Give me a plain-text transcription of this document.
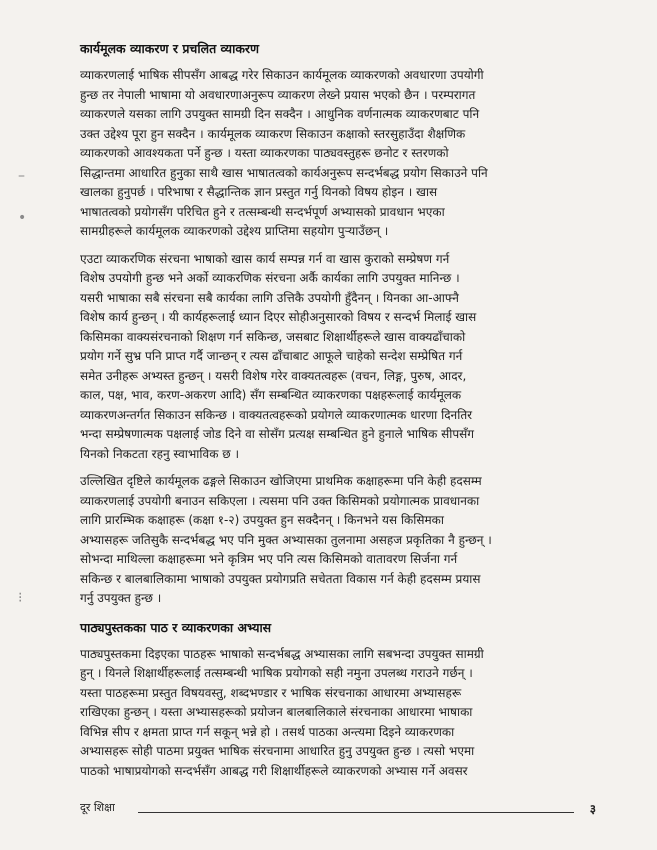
–
•
⁝
कार्यमूलक व्याकरण र प्रचलित व्याकरण
व्याकरणलाई भाषिक सीपसँग आबद्ध गरेर सिकाउन कार्यमूलक व्याकरणको अवधारणा उपयोगी
हुन्छ तर नेपाली भाषामा यो अवधारणाअनुरूप व्याकरण लेख्ने प्रयास भएको छैन । परम्परागत
व्याकरणले यसका लागि उपयुक्त सामग्री दिन सक्दैन । आधुनिक वर्णनात्मक व्याकरणबाट पनि
उक्त उद्देश्य पूरा हुन सक्दैन । कार्यमूलक व्याकरण सिकाउन कक्षाको स्तरसुहाउँदा शैक्षणिक
व्याकरणको आवश्यकता पर्ने हुन्छ । यस्ता व्याकरणका पाठ्यवस्तुहरू छनोट र स्तरणको
सिद्धान्तमा आधारित हुनुका साथै खास भाषातत्वको कार्यअनुरूप सन्दर्भबद्ध प्रयोग सिकाउने पनि
खालका हुनुपर्छ । परिभाषा र सैद्धान्तिक ज्ञान प्रस्तुत गर्नु यिनको विषय होइन । खास
भाषातत्वको प्रयोगसँग परिचित हुने र तत्सम्बन्धी सन्दर्भपूर्ण अभ्यासको प्रावधान भएका
सामग्रीहरूले कार्यमूलक व्याकरणको उद्देश्य प्राप्तिमा सहयोग पुऱ्याउँछन् ।
एउटा व्याकरणिक संरचना भाषाको खास कार्य सम्पन्न गर्न वा खास कुराको सम्प्रेषण गर्न
विशेष उपयोगी हुन्छ भने अर्को व्याकरणिक संरचना अर्कै कार्यका लागि उपयुक्त मानिन्छ ।
यसरी भाषाका सबै संरचना सबै कार्यका लागि उत्तिकै उपयोगी हुँदैनन् । यिनका आ-आफ्नै
विशेष कार्य हुन्छन् । यी कार्यहरूलाई ध्यान दिएर सोहीअनुसारको विषय र सन्दर्भ मिलाई खास
किसिमका वाक्यसंरचनाको शिक्षण गर्न सकिन्छ, जसबाट शिक्षार्थीहरूले खास वाक्यढाँचाको
प्रयोग गर्ने सुभ्र पनि प्राप्त गर्दै जान्छन् र त्यस ढाँचाबाट आफूले चाहेको सन्देश सम्प्रेषित गर्न
समेत उनीहरू अभ्यस्त हुन्छन् । यसरी विशेष गरेर वाक्यतत्वहरू (वचन, लिङ्ग, पुरुष, आदर,
काल, पक्ष, भाव, करण-अकरण आदि) सँग सम्बन्धित व्याकरणका पक्षहरूलाई कार्यमूलक
व्याकरणअन्तर्गत सिकाउन सकिन्छ । वाक्यतत्वहरूको प्रयोगले व्याकरणात्मक धारणा दिनतिर
भन्दा सम्प्रेषणात्मक पक्षलाई जोड दिने वा सोसँग प्रत्यक्ष सम्बन्धित हुने हुनाले भाषिक सीपसँग
यिनको निकटता रहनु स्वाभाविक छ ।
उल्लिखित दृष्टिले कार्यमूलक ढङ्गले सिकाउन खोजिएमा प्राथमिक कक्षाहरूमा पनि केही हदसम्म
व्याकरणलाई उपयोगी बनाउन सकिएला । त्यसमा पनि उक्त किसिमको प्रयोगात्मक प्रावधानका
लागि प्रारम्भिक कक्षाहरू (कक्षा १-२) उपयुक्त हुन सक्दैनन् । किनभने यस किसिमका
अभ्यासहरू जतिसुकै सन्दर्भबद्ध भए पनि मुक्त अभ्यासका तुलनामा असहज प्रकृतिका नै हुन्छन् ।
सोभन्दा माथिल्ला कक्षाहरूमा भने कृत्रिम भए पनि त्यस किसिमको वातावरण सिर्जना गर्न
सकिन्छ र बालबालिकामा भाषाको उपयुक्त प्रयोगप्रति सचेतता विकास गर्न केही हदसम्म प्रयास
गर्नु उपयुक्त हुन्छ ।
पाठ्यपुस्तकका पाठ र व्याकरणका अभ्यास
पाठ्यपुस्तकमा दिइएका पाठहरू भाषाको सन्दर्भबद्ध अभ्यासका लागि सबभन्दा उपयुक्त सामग्री
हुन् । यिनले शिक्षार्थीहरूलाई तत्सम्बन्धी भाषिक प्रयोगको सही नमुना उपलब्ध गराउने गर्छन् ।
यस्ता पाठहरूमा प्रस्तुत विषयवस्तु, शब्दभण्डार र भाषिक संरचनाका आधारमा अभ्यासहरू
राखिएका हुन्छन् । यस्ता अभ्यासहरूको प्रयोजन बालबालिकाले संरचनाका आधारमा भाषाका
विभिन्न सीप र क्षमता प्राप्त गर्न सकून् भन्ने हो । तसर्थ पाठका अन्त्यमा दिइने व्याकरणका
अभ्यासहरू सोही पाठमा प्रयुक्त भाषिक संरचनामा आधारित हुनु उपयुक्त हुन्छ । त्यसो भएमा
पाठको भाषाप्रयोगको सन्दर्भसँग आबद्ध गरी शिक्षार्थीहरूले व्याकरणको अभ्यास गर्ने अवसर
दूर शिक्षा	३
